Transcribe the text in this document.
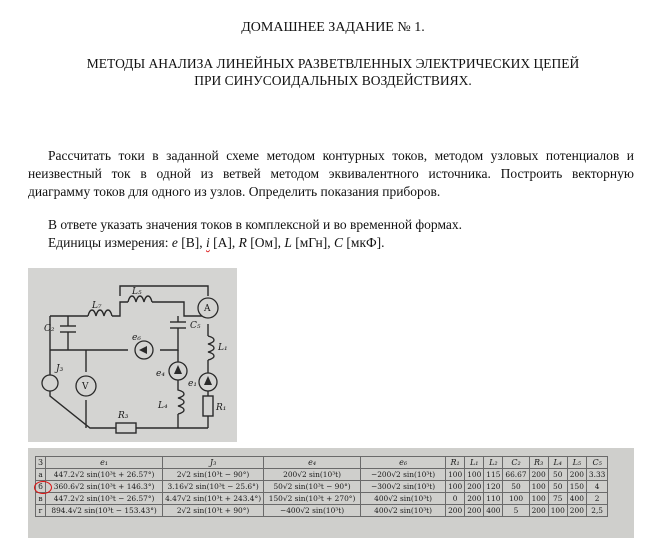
ДОМАШНЕЕ ЗАДАНИЕ № 1.
МЕТОДЫ АНАЛИЗА ЛИНЕЙНЫХ РАЗВЕТВЛЕННЫХ ЭЛЕКТРИЧЕСКИХ ЦЕПЕЙ
ПРИ СИНУСОИДАЛЬНЫХ ВОЗДЕЙСТВИЯХ.
Рассчитать токи в заданной схеме методом контурных токов, методом узловых потенциалов и неизвестный ток в одной из ветвей методом эквивалентного источника. Построить векторную диаграмму токов для одного из узлов. Определить показания приборов.
В ответе указать значения токов в комплексной и во временной формах.
Единицы измерения: e [В], i [А], R [Ом], L [мГн], C [мкФ].
L₇
L₅
C₂	C₅
e₆
L₁
J₃
V
A
e₄
e₁
L₄	R₁
R₃
3	e₁	J₃	e₄	e₆	R₁	L₁	L₂	C₂	R₃	L₄	L₅	C₅
а	447.2√2 sin(10³t + 26.57°)	2√2 sin(10³t − 90°)	200√2 sin(10³t)	−200√2 sin(10³t)	100	100	115	66.67	200	50	200	3.33
б	360.6√2 sin(10³t + 146.3°)	3.16√2 sin(10³t − 25.6°)	50√2 sin(10³t − 90°)	−300√2 sin(10³t)	100	200	120	50	100	50	150	4
в	447.2√2 sin(10³t − 26.57°)	4.47√2 sin(10³t + 243.4°)	150√2 sin(10³t + 270°)	400√2 sin(10³t)	0	200	110	100	100	75	400	2
г	894.4√2 sin(10³t − 153.43°)	2√2 sin(10³t + 90°)	−400√2 sin(10³t)	400√2 sin(10³t)	200	200	400	5	200	100	200	2,5
